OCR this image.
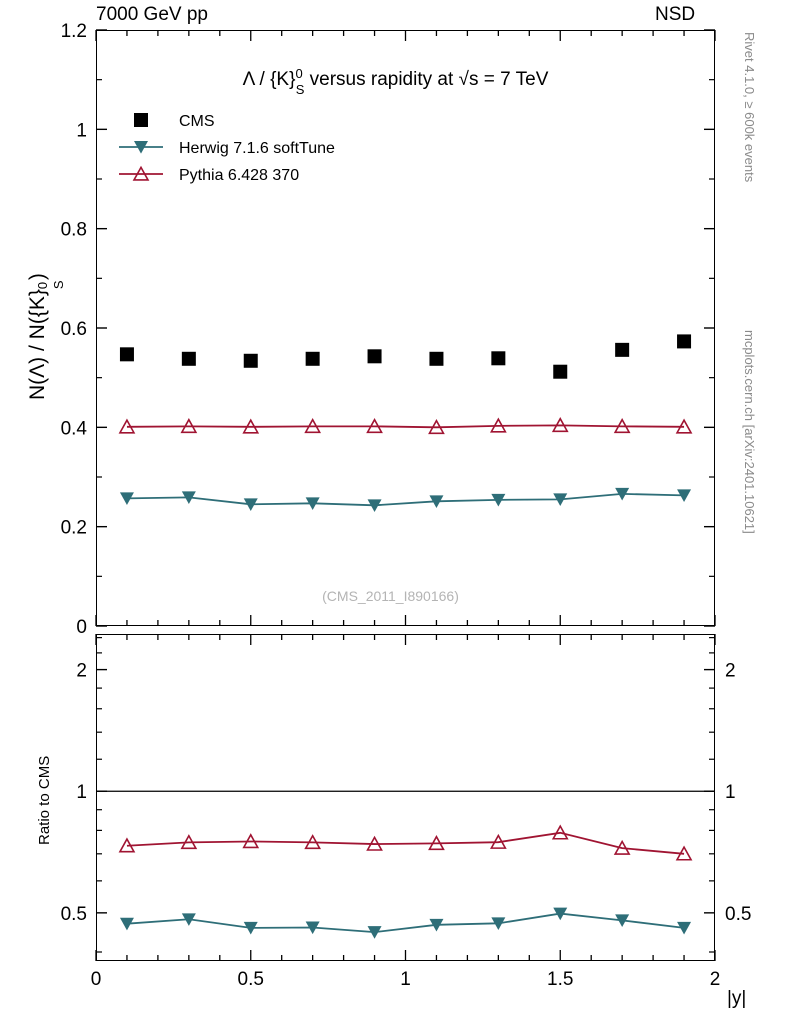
7000 GeV pp	NSD
Rivet 4.1.0, ≥ 600k events
mcplots.cern.ch [arXiv:2401.10621]
0
0.2
0.4
0.6
0.8
1
1.2
Λ / $\{K\}^0$ S versus rapidity at √s = 7 TeV
(CMS_2011_I890166)
CMS
Herwig 7.1.6 softTune
Pythia 6.428 370
0.5	0.5
1	1
2	2
0	0.5	1	1.5	2
N(Λ) / N({K}
0 S
)
Ratio to CMS
|y|
